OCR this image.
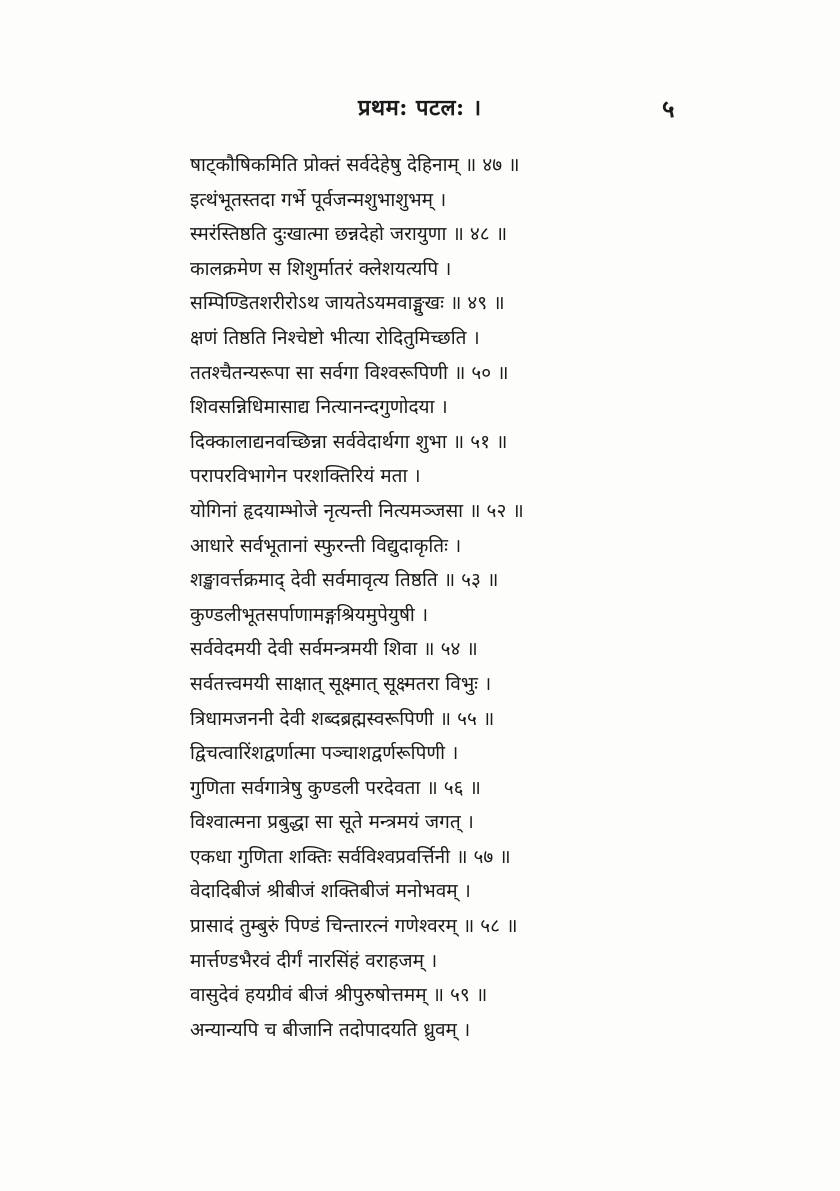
प्रथम: पटल: ।	५
षाट्कौषिकमिति प्रोक्तं सर्वदेहेषु देहिनाम् ॥ ४७ ॥
इत्थंभूतस्तदा गर्भे पूर्वजन्मशुभाशुभम् ।
स्मरंस्तिष्ठति दुःखात्मा छन्नदेहो जरायुणा ॥ ४८ ॥
कालक्रमेण स शिशुर्मातरं क्लेशयत्यपि ।
सम्पिण्डितशरीरोऽथ जायतेऽयमवाङ्मुखः ॥ ४९ ॥
क्षणं तिष्ठति निश्चेष्टो भीत्या रोदितुमिच्छति ।
ततश्चैतन्यरूपा सा सर्वगा विश्वरूपिणी ॥ ५० ॥
शिवसन्निधिमासाद्य नित्यानन्दगुणोदया ।
दिक्कालाद्यनवच्छिन्ना सर्ववेदार्थगा शुभा ॥ ५१ ॥
परापरविभागेन परशक्तिरियं मता ।
योगिनां हृदयाम्भोजे नृत्यन्ती नित्यमञ्जसा ॥ ५२ ॥
आधारे सर्वभूतानां स्फुरन्ती विद्युदाकृतिः ।
शङ्खावर्त्तक्रमाद् देवी सर्वमावृत्य तिष्ठति ॥ ५३ ॥
कुण्डलीभूतसर्पाणामङ्गश्रियमुपेयुषी ।
सर्ववेदमयी देवी सर्वमन्त्रमयी शिवा ॥ ५४ ॥
सर्वतत्त्वमयी साक्षात् सूक्ष्मात् सूक्ष्मतरा विभुः ।
त्रिधामजननी देवी शब्दब्रह्मस्वरूपिणी ॥ ५५ ॥
द्विचत्वारिंशद्वर्णात्मा पञ्चाशद्वर्णरूपिणी ।
गुणिता सर्वगात्रेषु कुण्डली परदेवता ॥ ५६ ॥
विश्वात्मना प्रबुद्धा सा सूते मन्त्रमयं जगत् ।
एकधा गुणिता शक्तिः सर्वविश्वप्रवर्त्तिनी ॥ ५७ ॥
वेदादिबीजं श्रीबीजं शक्तिबीजं मनोभवम् ।
प्रासादं तुम्बुरुं पिण्डं चिन्तारत्नं गणेश्वरम् ॥ ५८ ॥
मार्त्तण्डभैरवं दीर्गं नारसिंहं वराहजम् ।
वासुदेवं हयग्रीवं बीजं श्रीपुरुषोत्तमम् ॥ ५९ ॥
अन्यान्यपि च बीजानि तदोपादयति ध्रुवम् ।
